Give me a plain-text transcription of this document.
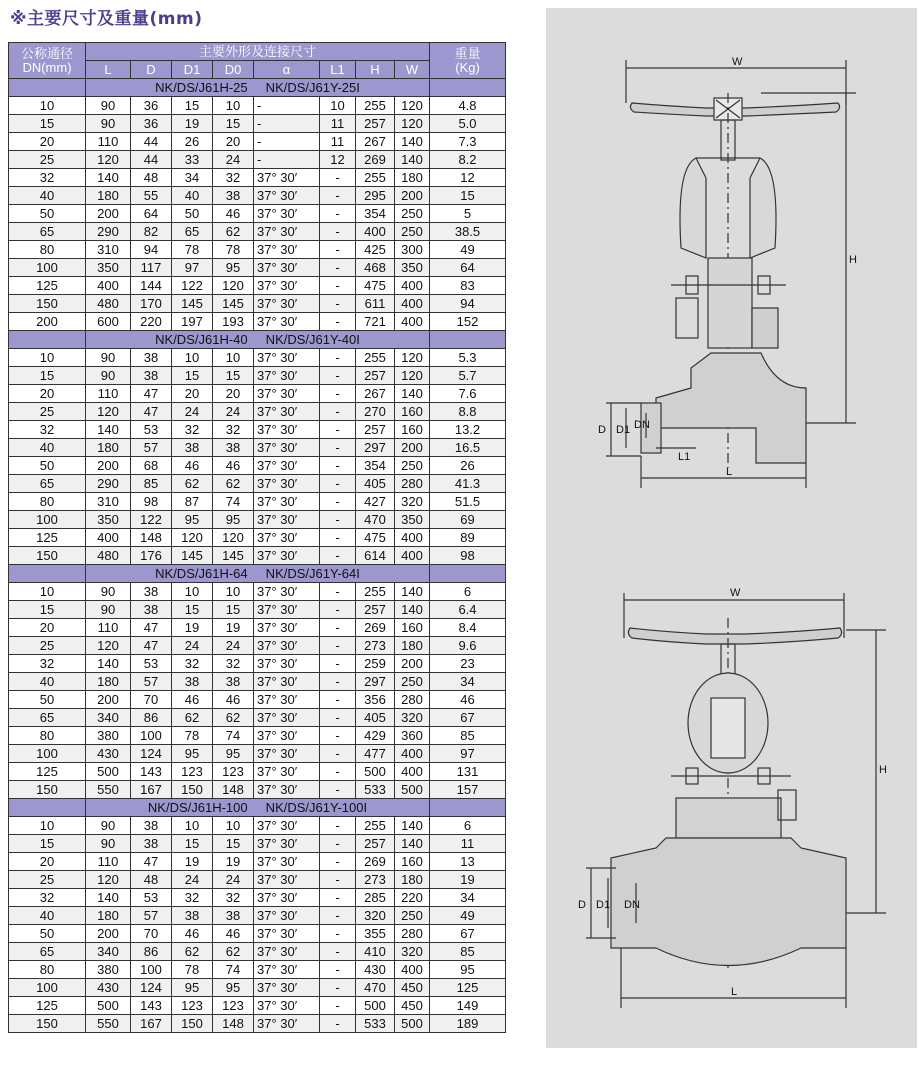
※主要尺寸及重量(mm)
公称通径
DN(mm)	主要外形及连接尺寸								重量
(Kg)
	L	D	D1	D0	α	L1	H	W	
	NK/DS/J61H-25     NK/DS/J61Y-25I								
10	90	36	15	10	-	10	255	120	4.8
15	90	36	19	15	-	11	257	120	5.0
20	110	44	26	20	-	11	267	140	7.3
25	120	44	33	24	-	12	269	140	8.2
32	140	48	34	32	37° 30′	-	255	180	12
40	180	55	40	38	37° 30′	-	295	200	15
50	200	64	50	46	37° 30′	-	354	250	5
65	290	82	65	62	37° 30′	-	400	250	38.5
80	310	94	78	78	37° 30′	-	425	300	49
100	350	117	97	95	37° 30′	-	468	350	64
125	400	144	122	120	37° 30′	-	475	400	83
150	480	170	145	145	37° 30′	-	611	400	94
200	600	220	197	193	37° 30′	-	721	400	152
	NK/DS/J61H-40     NK/DS/J61Y-40I								
10	90	38	10	10	37° 30′	-	255	120	5.3
15	90	38	15	15	37° 30′	-	257	120	5.7
20	110	47	20	20	37° 30′	-	267	140	7.6
25	120	47	24	24	37° 30′	-	270	160	8.8
32	140	53	32	32	37° 30′	-	257	160	13.2
40	180	57	38	38	37° 30′	-	297	200	16.5
50	200	68	46	46	37° 30′	-	354	250	26
65	290	85	62	62	37° 30′	-	405	280	41.3
80	310	98	87	74	37° 30′	-	427	320	51.5
100	350	122	95	95	37° 30′	-	470	350	69
125	400	148	120	120	37° 30′	-	475	400	89
150	480	176	145	145	37° 30′	-	614	400	98
	NK/DS/J61H-64     NK/DS/J61Y-64I								
10	90	38	10	10	37° 30′	-	255	140	6
15	90	38	15	15	37° 30′	-	257	140	6.4
20	110	47	19	19	37° 30′	-	269	160	8.4
25	120	47	24	24	37° 30′	-	273	180	9.6
32	140	53	32	32	37° 30′	-	259	200	23
40	180	57	38	38	37° 30′	-	297	250	34
50	200	70	46	46	37° 30′	-	356	280	46
65	340	86	62	62	37° 30′	-	405	320	67
80	380	100	78	74	37° 30′	-	429	360	85
100	430	124	95	95	37° 30′	-	477	400	97
125	500	143	123	123	37° 30′	-	500	400	131
150	550	167	150	148	37° 30′	-	533	500	157
	NK/DS/J61H-100     NK/DS/J61Y-100I								
10	90	38	10	10	37° 30′	-	255	140	6
15	90	38	15	15	37° 30′	-	257	140	11
20	110	47	19	19	37° 30′	-	269	160	13
25	120	48	24	24	37° 30′	-	273	180	19
32	140	53	32	32	37° 30′	-	285	220	34
40	180	57	38	38	37° 30′	-	320	250	49
50	200	70	46	46	37° 30′	-	355	280	67
65	340	86	62	62	37° 30′	-	410	320	85
80	380	100	78	74	37° 30′	-	430	400	95
100	430	124	95	95	37° 30′	-	470	450	125
125	500	143	123	123	37° 30′	-	500	450	149
150	550	167	150	148	37° 30′	-	533	500	189
W
H
D D1 DN
L1
L
W
H
D D1 DN
L
